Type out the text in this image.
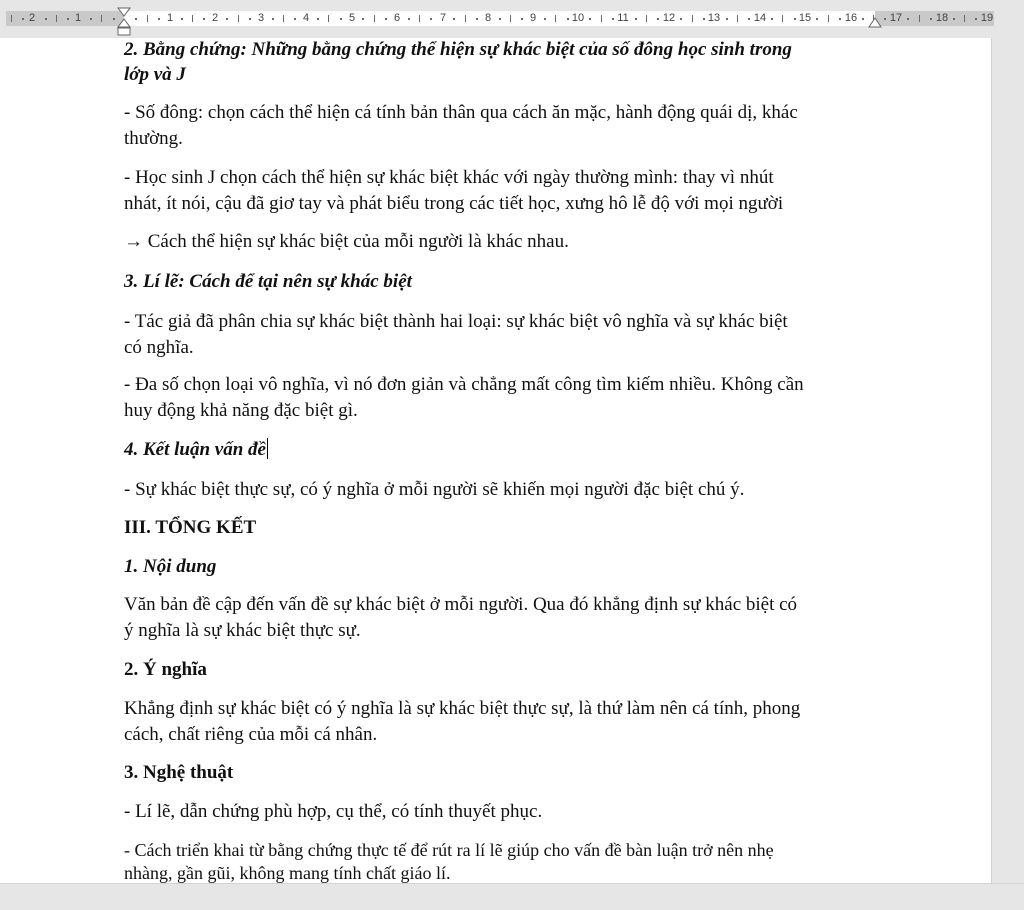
2	1	1	2	3	4	5	6	7	8	9	10	11	12	13	14	15	16	17	18	19
2. Bằng chứng: Những bằng chứng thể hiện sự khác biệt của số đông học sinh trong
lớp và J
- Số đông: chọn cách thể hiện cá tính bản thân qua cách ăn mặc, hành động quái dị, khác
thường.
- Học sinh J chọn cách thể hiện sự khác biệt khác với ngày thường mình: thay vì nhút
nhát, ít nói, cậu đã giơ tay và phát biểu trong các tiết học, xưng hô lễ độ với mọi người
→ Cách thể hiện sự khác biệt của mỗi người là khác nhau.
3. Lí lẽ: Cách để tại nên sự khác biệt
- Tác giả đã phân chia sự khác biệt thành hai loại: sự khác biệt vô nghĩa và sự khác biệt
có nghĩa.
- Đa số chọn loại vô nghĩa, vì nó đơn giản và chẳng mất công tìm kiếm nhiều. Không cần
huy động khả năng đặc biệt gì.
4. Kết luận vấn đề
- Sự khác biệt thực sự, có ý nghĩa ở mỗi người sẽ khiến mọi người đặc biệt chú ý.
III. TỔNG KẾT
1. Nội dung
Văn bản đề cập đến vấn đề sự khác biệt ở mỗi người. Qua đó khẳng định sự khác biệt có
ý nghĩa là sự khác biệt thực sự.
2. Ý nghĩa
Khẳng định sự khác biệt có ý nghĩa là sự khác biệt thực sự, là thứ làm nên cá tính, phong
cách, chất riêng của mỗi cá nhân.
3. Nghệ thuật
- Lí lẽ, dẫn chứng phù hợp, cụ thể, có tính thuyết phục.
- Cách triển khai từ bằng chứng thực tế để rút ra lí lẽ giúp cho vấn đề bàn luận trở nên nhẹ
nhàng, gần gũi, không mang tính chất giáo lí.
